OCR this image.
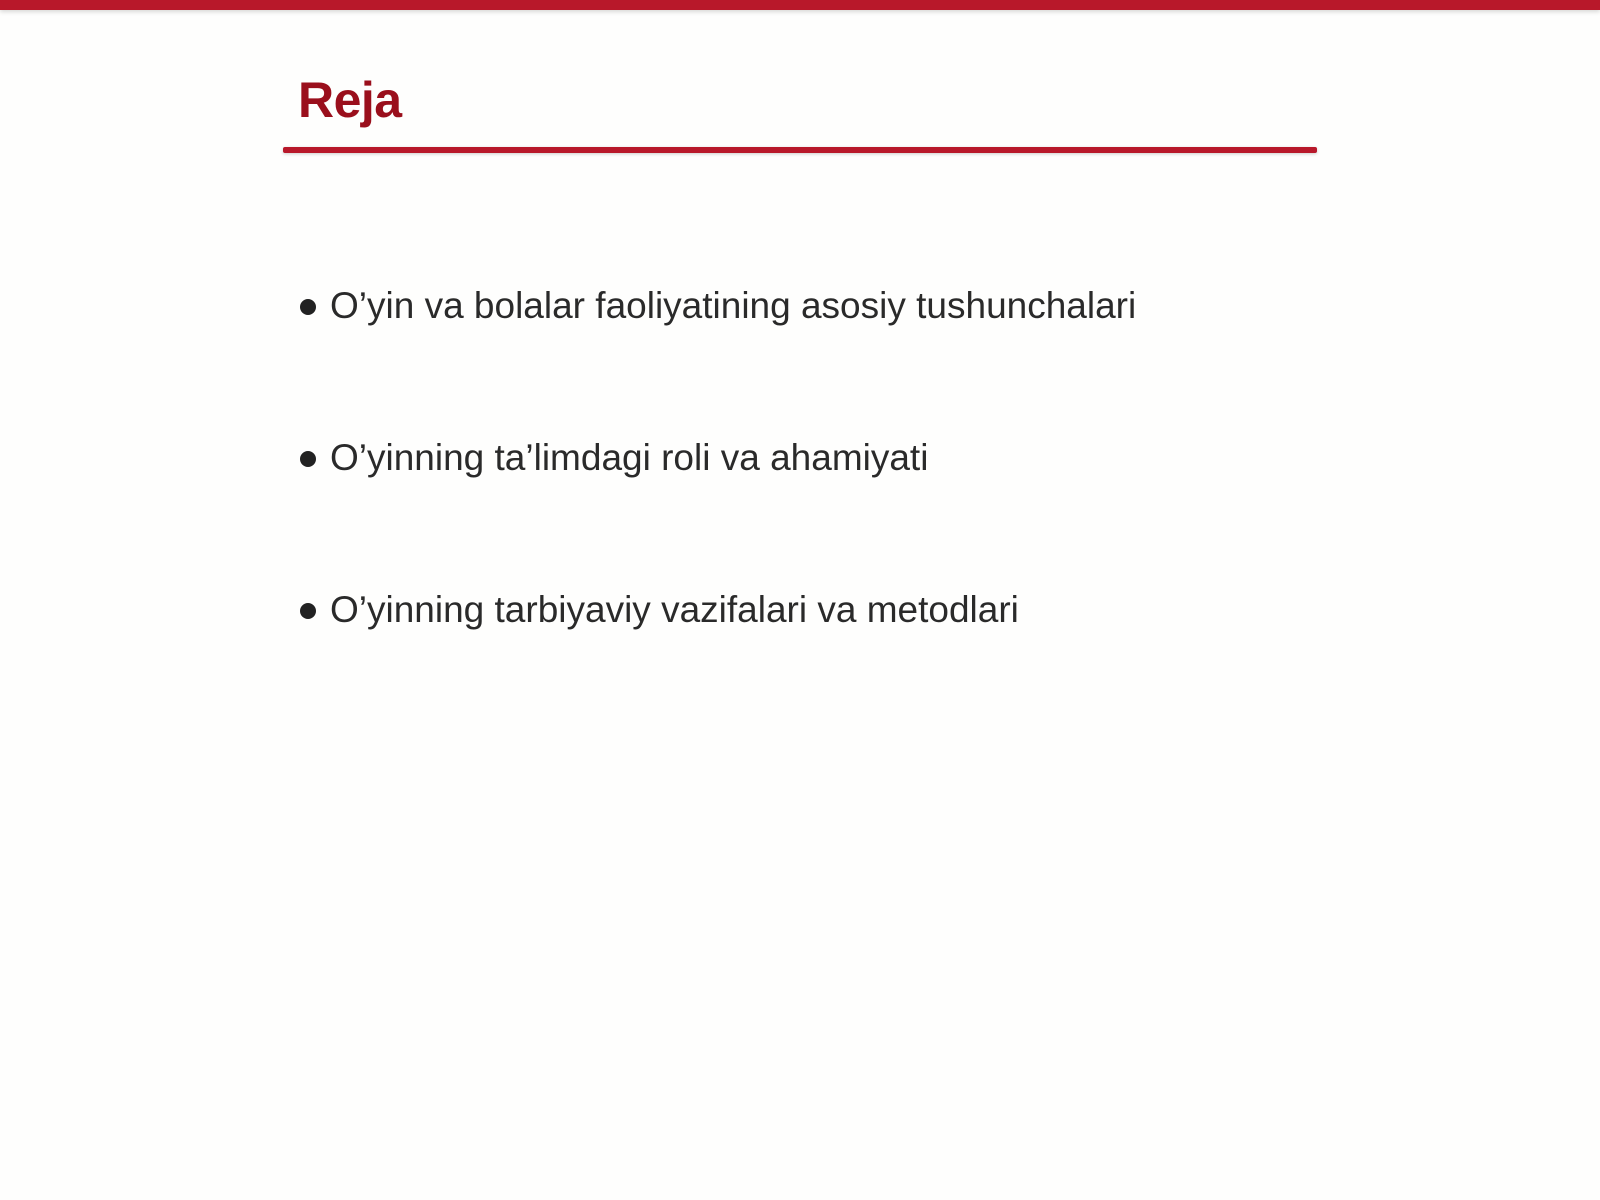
Reja
O’yin va bolalar faoliyatining asosiy tushunchalari
O’yinning ta’limdagi roli va ahamiyati
O’yinning tarbiyaviy vazifalari va metodlari
